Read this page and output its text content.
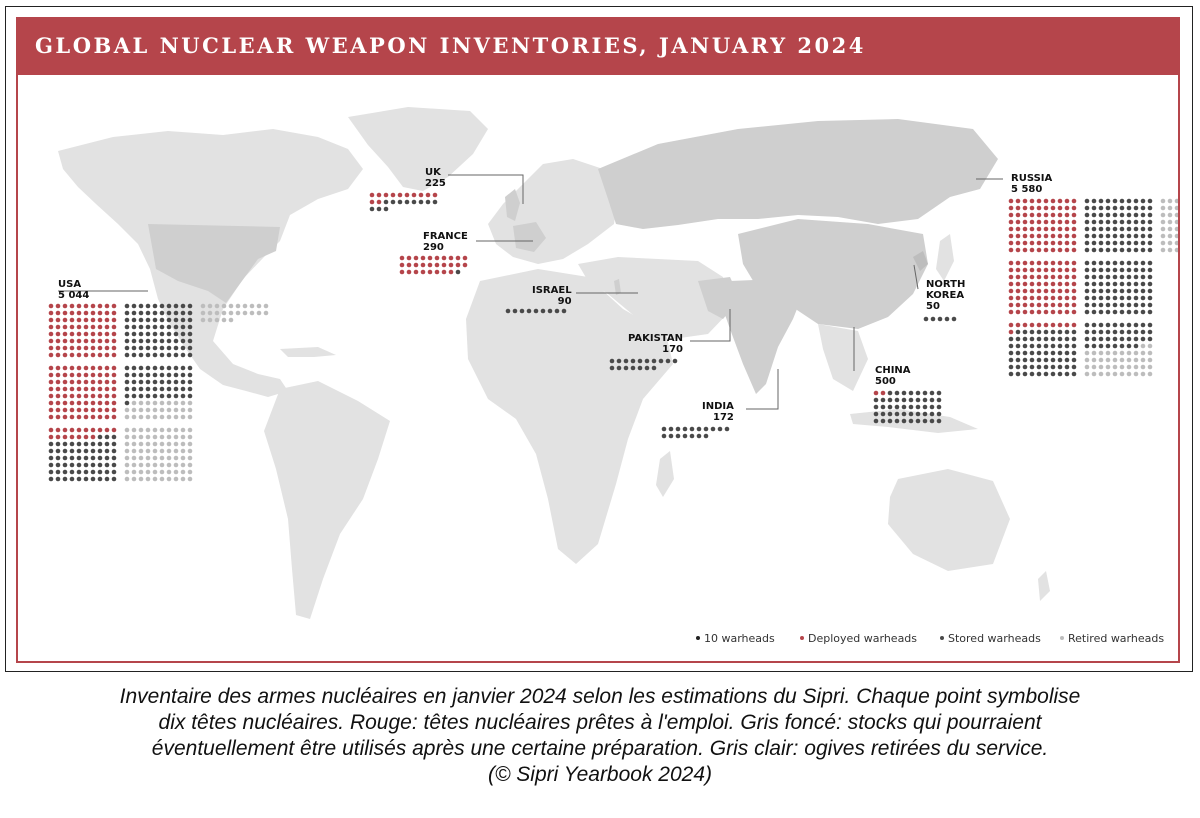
GLOBAL NUCLEAR WEAPON INVENTORIES, JANUARY 2024
UK
225
FRANCE
290
USA
5 044	ISRAEL
90
PAKISTAN
170
INDIA
172
CHINA
500
NORTH
KOREA
50
RUSSIA
5 580
10 warheads	Deployed warheads	Stored warheads	Retired warheads
Inventaire des armes nucléaires en janvier 2024 selon les estimations du Sipri. Chaque point symbolise
dix têtes nucléaires. Rouge: têtes nucléaires prêtes à l'emploi. Gris foncé: stocks qui pourraient
éventuellement être utilisés après une certaine préparation. Gris clair: ogives retirées du service.
(© Sipri Yearbook 2024)
